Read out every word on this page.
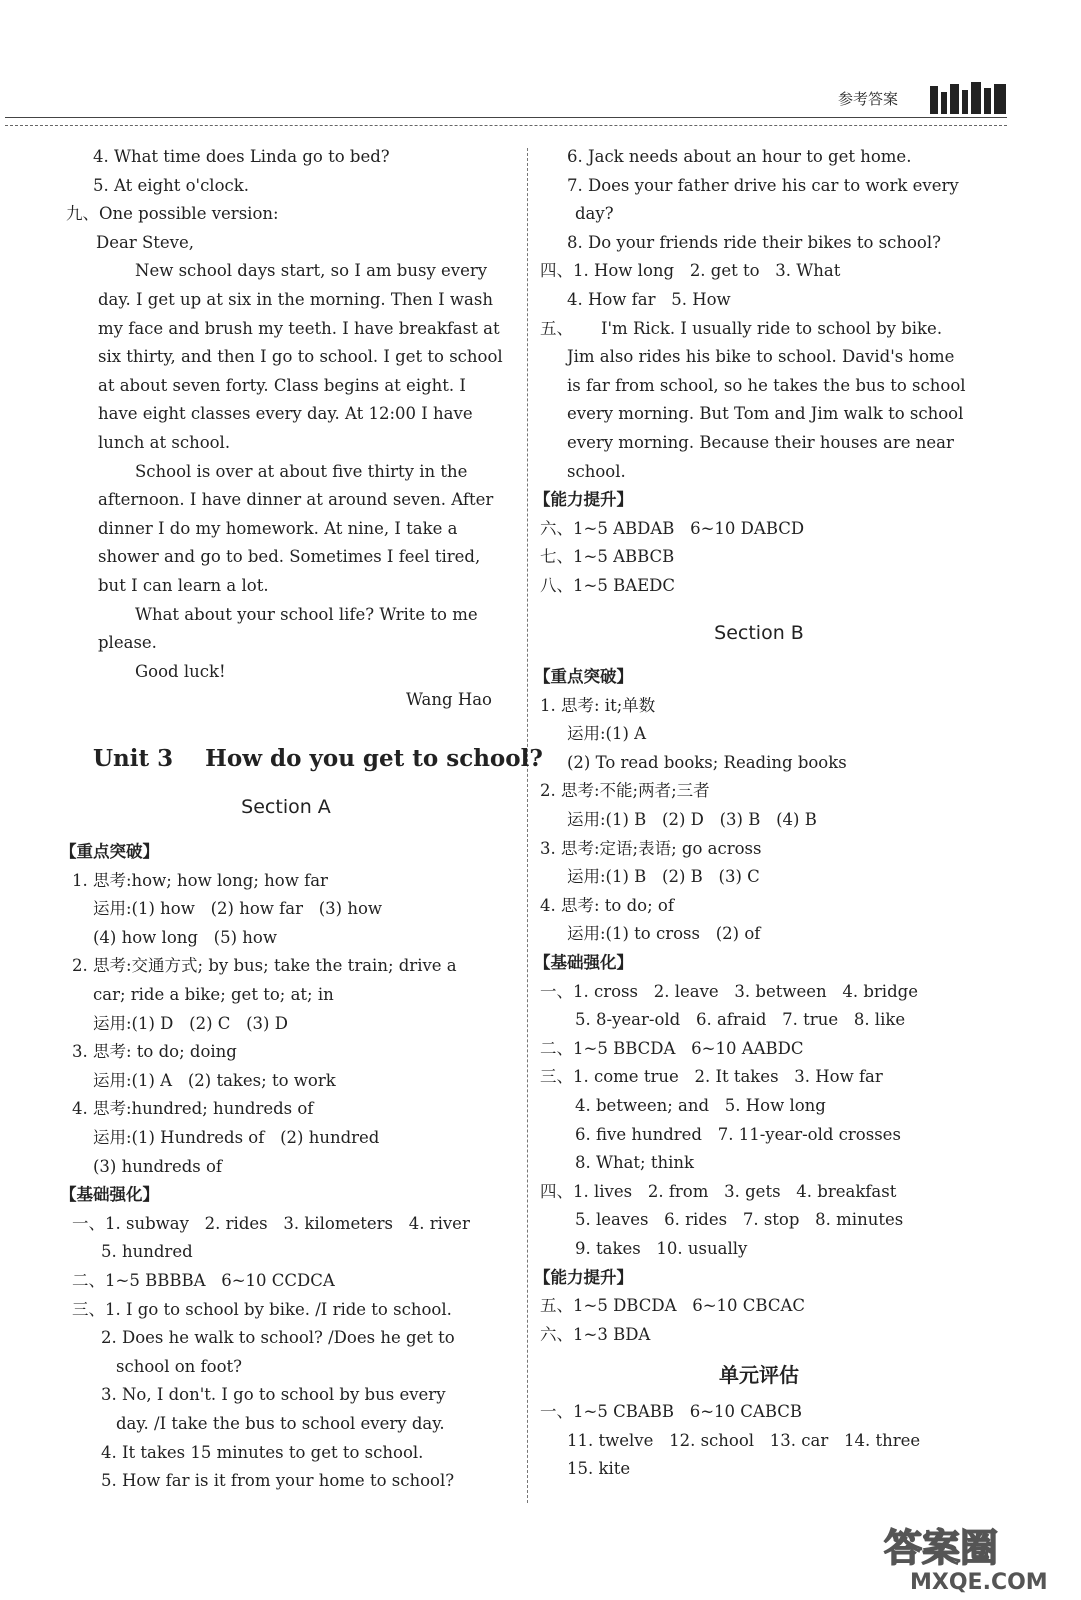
参考答案
4. What time does Linda go to bed?
5. At eight o'clock.
九、One possible version:
Dear Steve,
New school days start, so I am busy every day. I get up at six in the morning. Then I wash my face and brush my teeth. I have breakfast at six thirty, and then I go to school. I get to school at about seven forty. Class begins at eight. I have eight classes every day. At 12:00 I have lunch at school.
School is over at about five thirty in the afternoon. I have dinner at around seven. After dinner I do my homework. At nine, I take a shower and go to bed. Sometimes I feel tired, but I can learn a lot.
What about your school life? Write to me please.
Good luck!
Wang Hao
Unit 3    How do you get to school?
Section A
【重点突破】
1. 思考:how; how long; how far
运用:(1) how   (2) how far   (3) how
(4) how long   (5) how
2. 思考:交通方式; by bus; take the train; drive a
car; ride a bike; get to; at; in
运用:(1) D   (2) C   (3) D
3. 思考: to do; doing
运用:(1) A   (2) takes; to work
4. 思考:hundred; hundreds of
运用:(1) Hundreds of   (2) hundred
(3) hundreds of
【基础强化】
一、1. subway   2. rides   3. kilometers   4. river
5. hundred
二、1~5 BBBBA   6~10 CCDCA
三、1. I go to school by bike. /I ride to school.
2. Does he walk to school? /Does he get to
school on foot?
3. No, I don't. I go to school by bus every
day. /I take the bus to school every day.
4. It takes 15 minutes to get to school.
5. How far is it from your home to school?
6. Jack needs about an hour to get home.
7. Does your father drive his car to work every
day?
8. Do your friends ride their bikes to school?
四、1. How long   2. get to   3. What
4. How far   5. How
五、 I'm Rick. I usually ride to school by bike.
Jim also rides his bike to school. David's home
is far from school, so he takes the bus to school
every morning. But Tom and Jim walk to school
every morning. Because their houses are near
school.
【能力提升】
六、1~5 ABDAB   6~10 DABCD
七、1~5 ABBCB
八、1~5 BAEDC
Section B
【重点突破】
1. 思考: it;单数
运用:(1) A
(2) To read books; Reading books
2. 思考:不能;两者;三者
运用:(1) B   (2) D   (3) B   (4) B
3. 思考:定语;表语; go across
运用:(1) B   (2) B   (3) C
4. 思考: to do; of
运用:(1) to cross   (2) of
【基础强化】
一、1. cross   2. leave   3. between   4. bridge
5. 8-year-old   6. afraid   7. true   8. like
二、1~5 BBCDA   6~10 AABDC
三、1. come true   2. It takes   3. How far
4. between; and   5. How long
6. five hundred   7. 11-year-old crosses
8. What; think
四、1. lives   2. from   3. gets   4. breakfast
5. leaves   6. rides   7. stop   8. minutes
9. takes   10. usually
【能力提升】
五、1~5 DBCDA   6~10 CBCAC
六、1~3 BDA
单元评估
一、1~5 CBABB   6~10 CABCB
11. twelve   12. school   13. car   14. three
15. kite
答案圈
MXQE.COM
